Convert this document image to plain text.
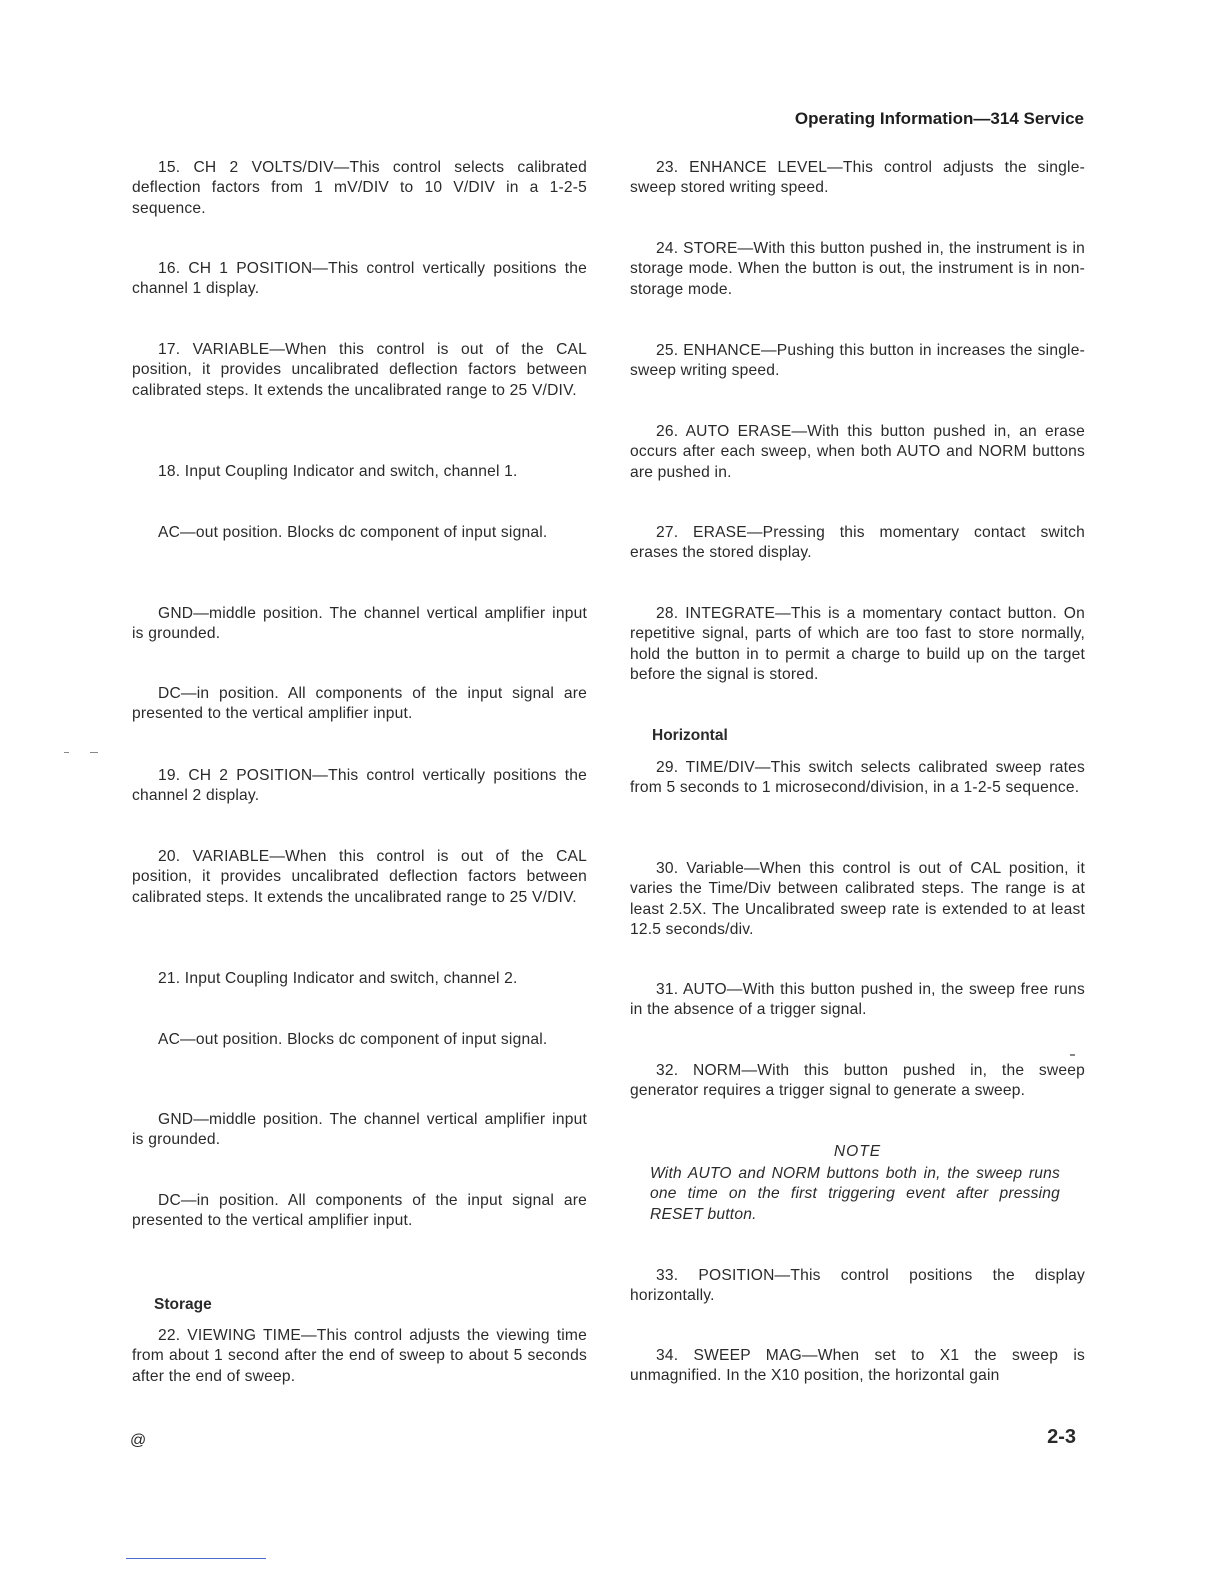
Operating Information—314 Service
15. CH 2 VOLTS/DIV—This control selects calibrated deflection factors from 1 mV/DIV to 10 V/DIV in a 1-2-5 sequence.
16. CH 1 POSITION—This control vertically positions the channel 1 display.
17. VARIABLE—When this control is out of the CAL position, it provides uncalibrated deflection factors between calibrated steps. It extends the uncalibrated range to 25 V/DIV.
18. Input Coupling Indicator and switch, channel 1.
AC—out position. Blocks dc component of input signal.
GND—middle position. The channel vertical amplifier input is grounded.
DC—in position. All components of the input signal are presented to the vertical amplifier input.
19. CH 2 POSITION—This control vertically positions the channel 2 display.
20. VARIABLE—When this control is out of the CAL position, it provides uncalibrated deflection factors between calibrated steps. It extends the uncalibrated range to 25 V/DIV.
21. Input Coupling Indicator and switch, channel 2.
AC—out position. Blocks dc component of input signal.
GND—middle position. The channel vertical amplifier input is grounded.
DC—in position. All components of the input signal are presented to the vertical amplifier input.
Storage
22. VIEWING TIME—This control adjusts the viewing time from about 1 second after the end of sweep to about 5 seconds after the end of sweep.
23. ENHANCE LEVEL—This control adjusts the single-sweep stored writing speed.
24. STORE—With this button pushed in, the instrument is in storage mode. When the button is out, the instrument is in non-storage mode.
25. ENHANCE—Pushing this button in increases the single-sweep writing speed.
26. AUTO ERASE—With this button pushed in, an erase occurs after each sweep, when both AUTO and NORM buttons are pushed in.
27. ERASE—Pressing this momentary contact switch erases the stored display.
28. INTEGRATE—This is a momentary contact button. On repetitive signal, parts of which are too fast to store normally, hold the button in to permit a charge to build up on the target before the signal is stored.
Horizontal
29. TIME/DIV—This switch selects calibrated sweep rates from 5 seconds to 1 microsecond/division, in a 1-2-5 sequence.
30. Variable—When this control is out of CAL position, it varies the Time/Div between calibrated steps. The range is at least 2.5X. The Uncalibrated sweep rate is extended to at least 12.5 seconds/div.
31. AUTO—With this button pushed in, the sweep free runs in the absence of a trigger signal.
32. NORM—With this button pushed in, the sweep generator requires a trigger signal to generate a sweep.
NOTE
With AUTO and NORM buttons both in, the sweep runs one time on the first triggering event after pressing RESET button.
33. POSITION—This control positions the display horizontally.
34. SWEEP MAG—When set to X1 the sweep is unmagnified. In the X10 position, the horizontal gain
@	2-3
